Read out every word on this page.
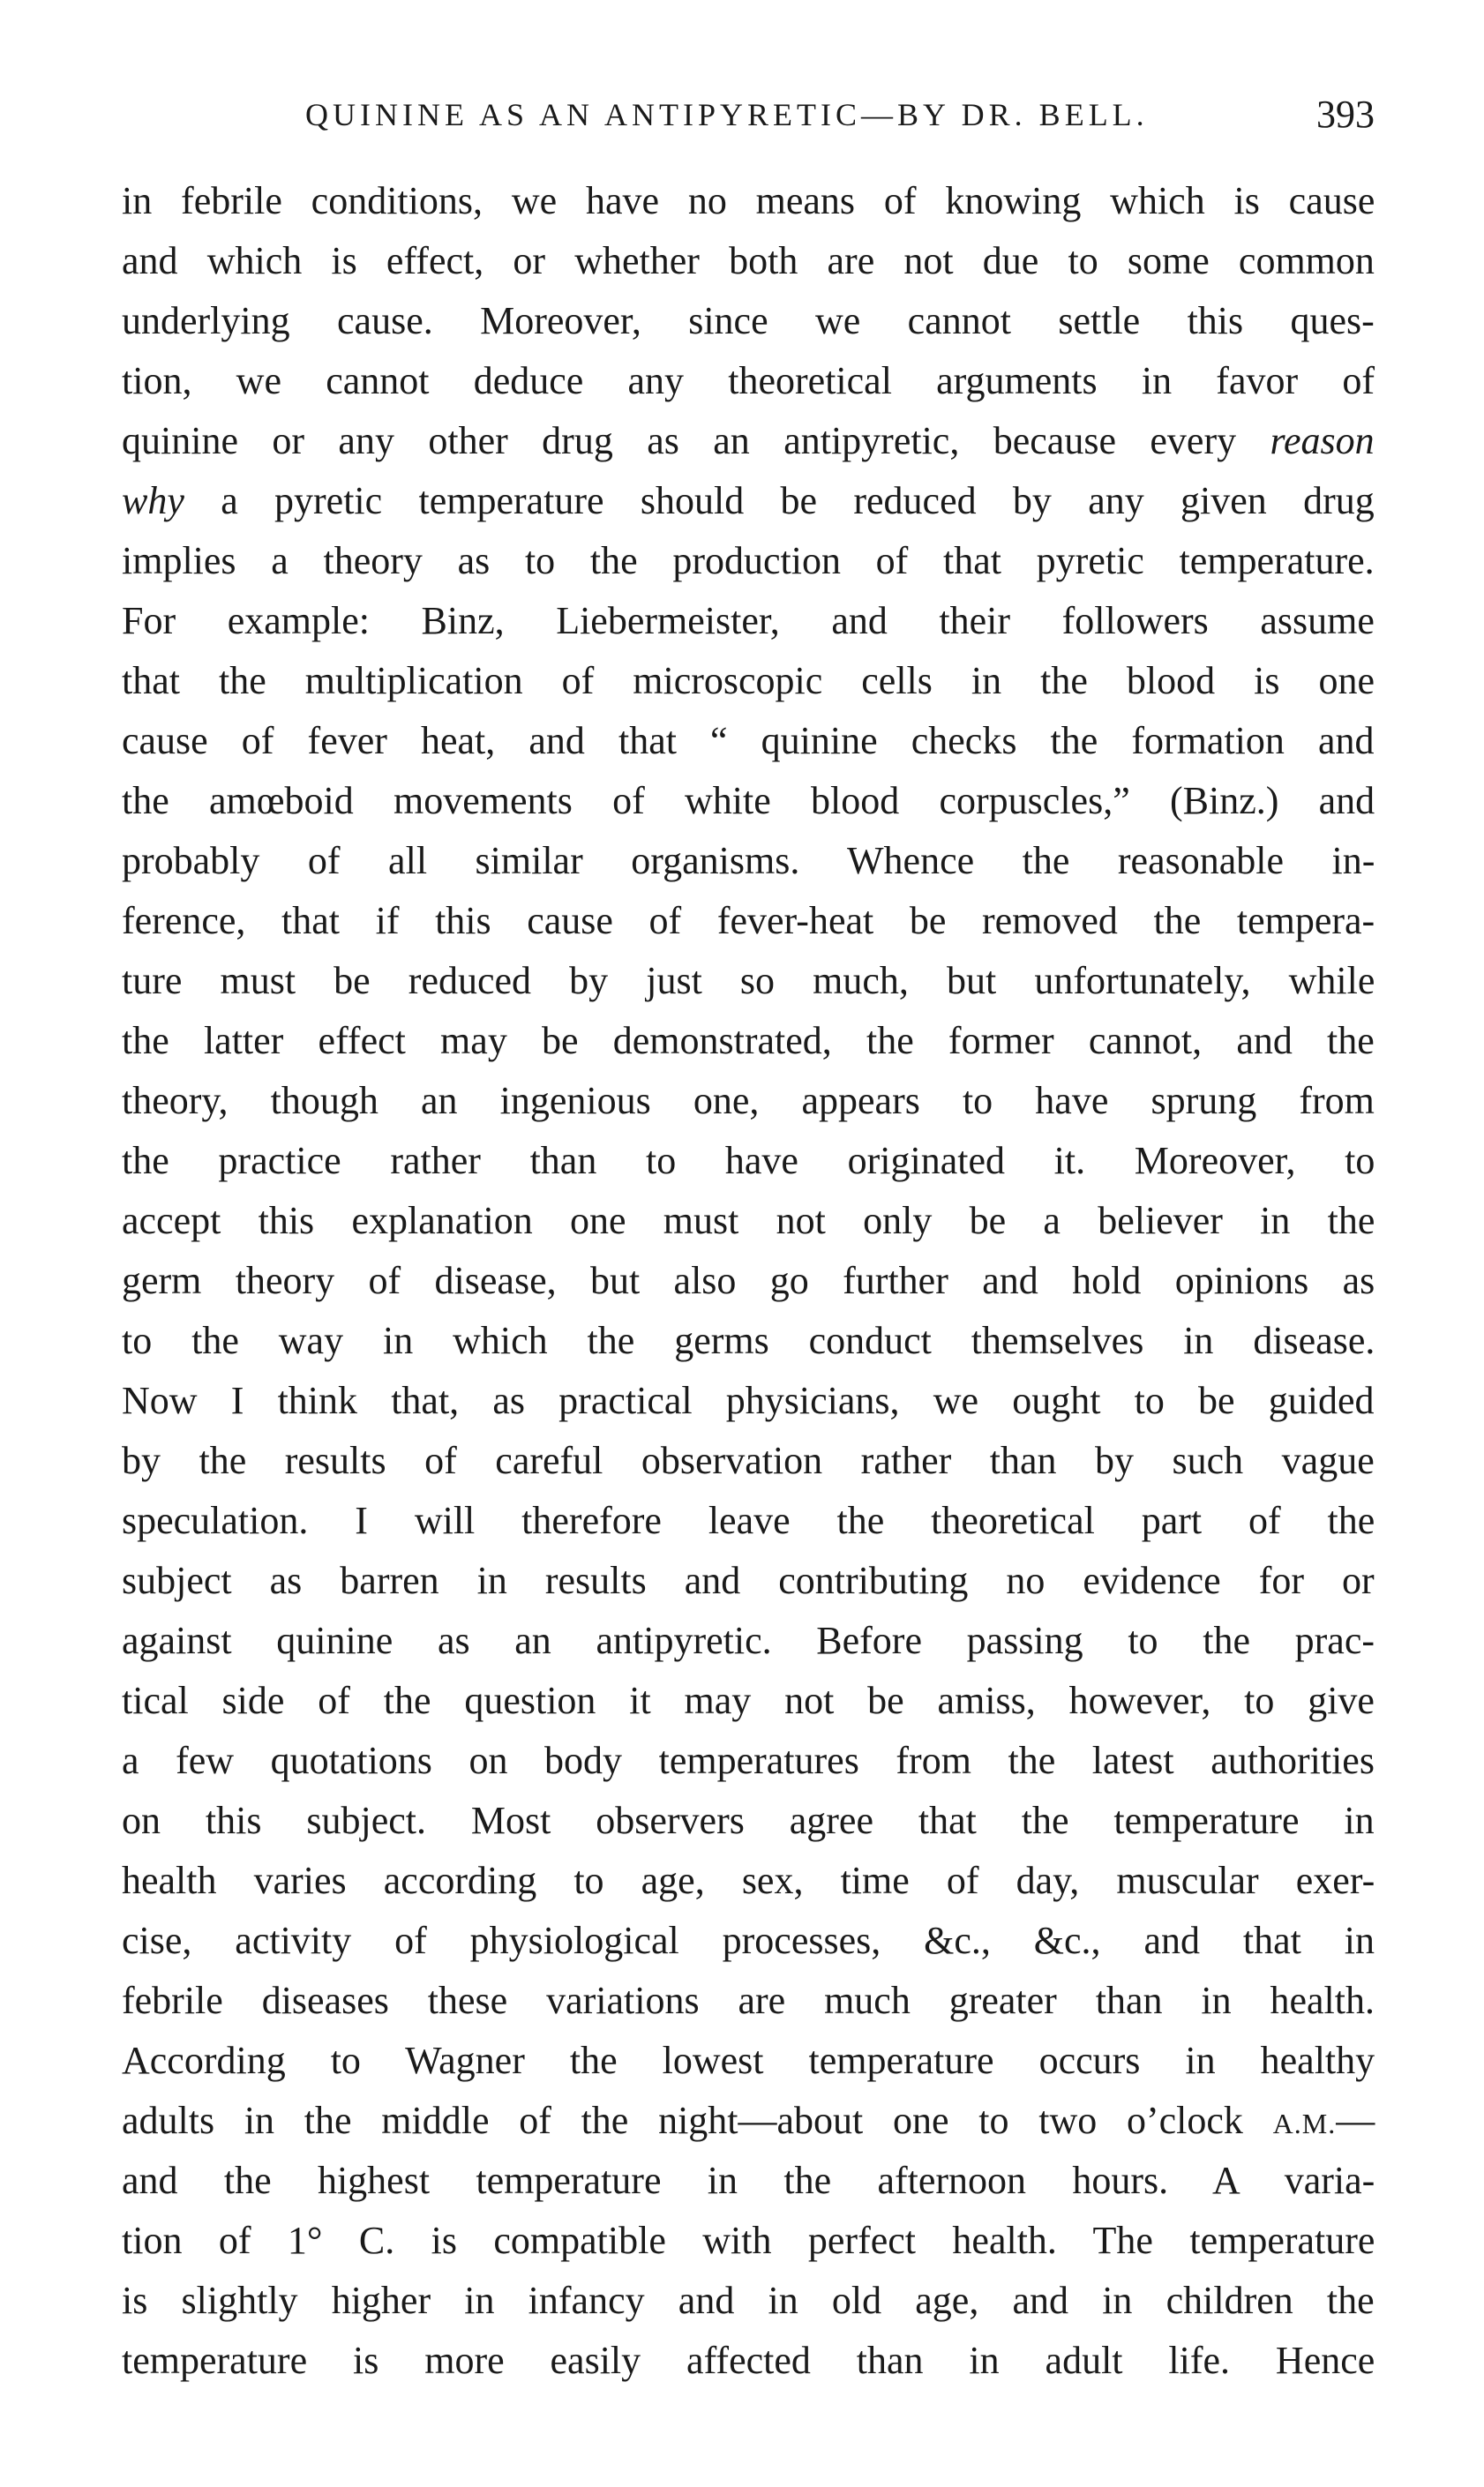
QUININE AS AN ANTIPYRETIC—BY DR. BELL.	393
in febrile conditions, we have no means of knowing which is cause
and which is effect, or whether both are not due to some common
underlying cause. Moreover, since we cannot settle this ques-
tion, we cannot deduce any theoretical arguments in favor of
quinine or any other drug as an antipyretic, because every reason
why a pyretic temperature should be reduced by any given drug
implies a theory as to the production of that pyretic temperature.
For example: Binz, Liebermeister, and their followers assume
that the multiplication of microscopic cells in the blood is one
cause of fever heat, and that “ quinine checks the formation and
the amœboid movements of white blood corpuscles,” (Binz.) and
probably of all similar organisms. Whence the reasonable in-
ference, that if this cause of fever-heat be removed the tempera-
ture must be reduced by just so much, but unfortunately, while
the latter effect may be demonstrated, the former cannot, and the
theory, though an ingenious one, appears to have sprung from
the practice rather than to have originated it. Moreover, to
accept this explanation one must not only be a believer in the
germ theory of disease, but also go further and hold opinions as
to the way in which the germs conduct themselves in disease.
Now I think that, as practical physicians, we ought to be guided
by the results of careful observation rather than by such vague
speculation. I will therefore leave the theoretical part of the
subject as barren in results and contributing no evidence for or
against quinine as an antipyretic. Before passing to the prac-
tical side of the question it may not be amiss, however, to give
a few quotations on body temperatures from the latest authorities
on this subject. Most observers agree that the temperature in
health varies according to age, sex, time of day, muscular exer-
cise, activity of physiological processes, &c., &c., and that in
febrile diseases these variations are much greater than in health.
According to Wagner the lowest temperature occurs in healthy
adults in the middle of the night—about one to two o’clock A.M.—
and the highest temperature in the afternoon hours. A varia-
tion of 1° C. is compatible with perfect health. The temperature
is slightly higher in infancy and in old age, and in children the
temperature is more easily affected than in adult life. Hence
